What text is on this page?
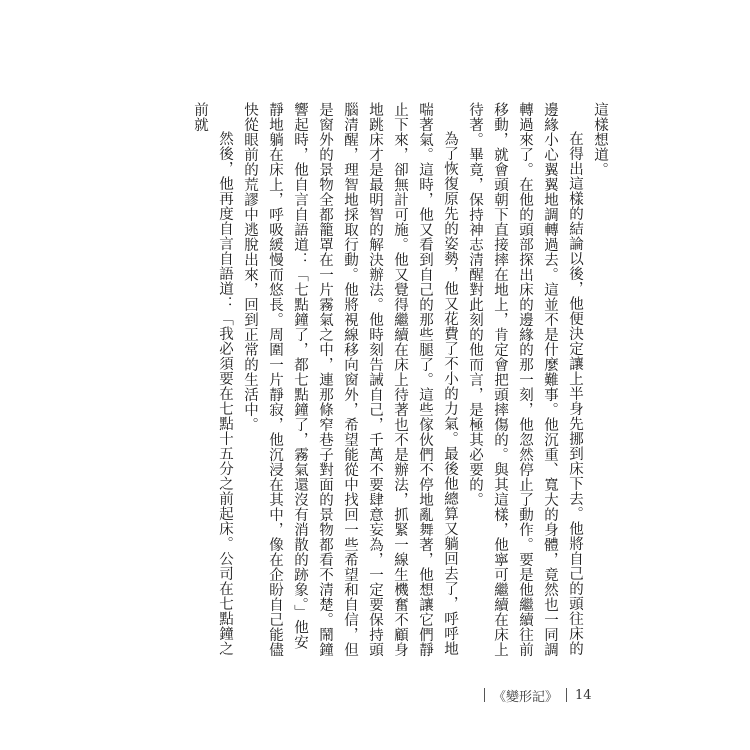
這樣想道。

在得出這樣的結論以後，他便決定讓上半身先挪到床下去。他將自己的頭往床的邊緣小心翼翼地調轉過去。這並不是什麼難事。他沉重、寬大的身體，竟然也一同調轉過來了。在他的頭部探出床的邊緣的那一刻，他忽然停止了動作。要是他繼續往前移動，就會頭朝下直接摔在地上，肯定會把頭摔傷的。與其這樣，他寧可繼續在床上待著。畢竟，保持神志清醒對此刻的他而言，是極其必要的。

為了恢復原先的姿勢，他又花費了不小的力氣。最後他總算又躺回去了，呼呼地喘著氣。這時，他又看到自己的那些腿了。這些傢伙們不停地亂舞著，他想讓它們靜止下來，卻無計可施。他又覺得繼續在床上待著也不是辦法，抓緊一線生機奮不顧身地跳床才是最明智的解決辦法。他時刻告誡自己，千萬不要肆意妄為，一定要保持頭腦清醒，理智地採取行動。他將視線移向窗外，希望能從中找回一些希望和自信，但是窗外的景物全都籠罩在一片霧氣之中，連那條窄巷子對面的景物都看不清楚。鬧鐘響起時，他自言自語道：「七點鐘了，都七點鐘了，霧氣還沒有消散的跡象。」他安靜地躺在床上，呼吸緩慢而悠長。周圍一片靜寂，他沉浸在其中，像在企盼自己能儘快從眼前的荒謬中逃脫出來，回到正常的生活中。

然後，他再度自言自語道：「我必須要在七點十五分之前起床。公司在七點鐘之前就

《變形記》 14
